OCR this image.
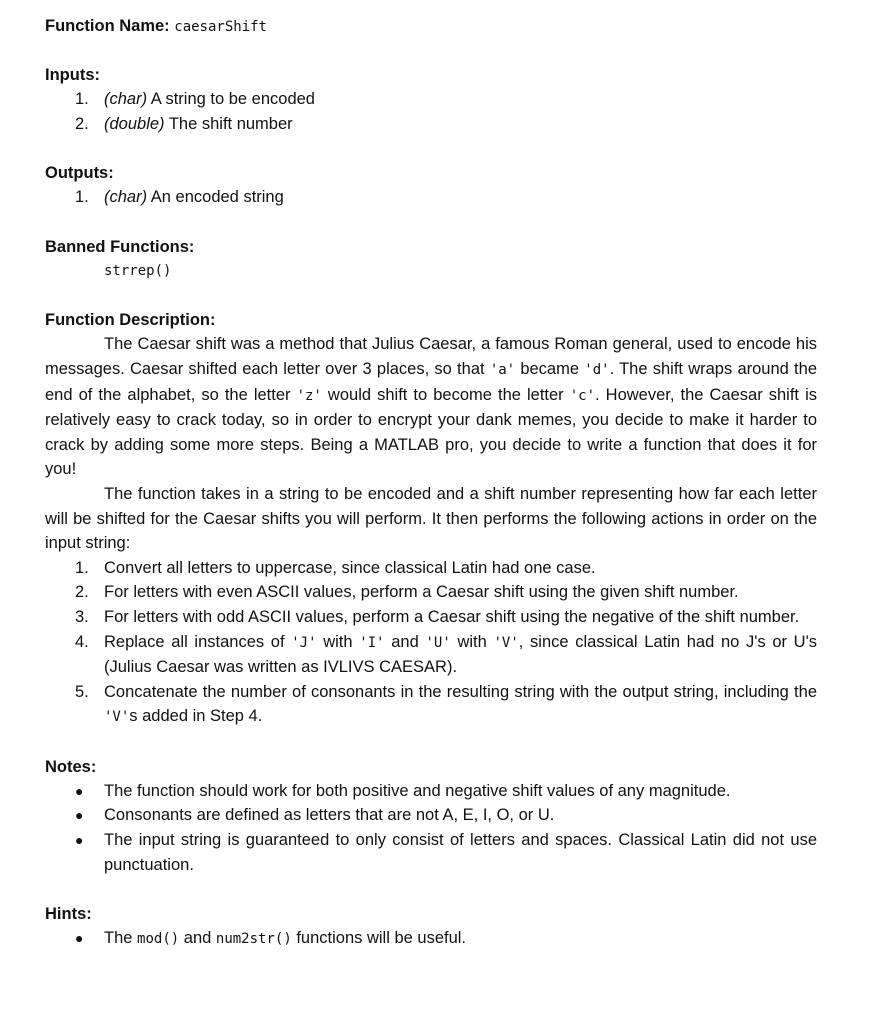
Function Name: caesarShift
Inputs:
1. (char) A string to be encoded
2. (double) The shift number
Outputs:
1. (char) An encoded string
Banned Functions:
strrep()
Function Description:

The Caesar shift was a method that Julius Caesar, a famous Roman general, used to encode his messages. Caesar shifted each letter over 3 places, so that 'a' became 'd'. The shift wraps around the end of the alphabet, so the letter 'z' would shift to become the letter 'c'. However, the Caesar shift is relatively easy to crack today, so in order to encrypt your dank memes, you decide to make it harder to crack by adding some more steps. Being a MATLAB pro, you decide to write a function that does it for you!

The function takes in a string to be encoded and a shift number representing how far each letter will be shifted for the Caesar shifts you will perform. It then performs the following actions in order on the input string:

1. Convert all letters to uppercase, since classical Latin had one case.
2. For letters with even ASCII values, perform a Caesar shift using the given shift number.
3. For letters with odd ASCII values, perform a Caesar shift using the negative of the shift number.
4. Replace all instances of 'J' with 'I' and 'U' with 'V', since classical Latin had no J's or U's (Julius Caesar was written as IVLIVS CAESAR).
5. Concatenate the number of consonants in the resulting string with the output string, including the 'V's added in Step 4.
Notes:
● The function should work for both positive and negative shift values of any magnitude.
● Consonants are defined as letters that are not A, E, I, O, or U.
● The input string is guaranteed to only consist of letters and spaces. Classical Latin did not use punctuation.
Hints:
● The mod() and num2str() functions will be useful.
